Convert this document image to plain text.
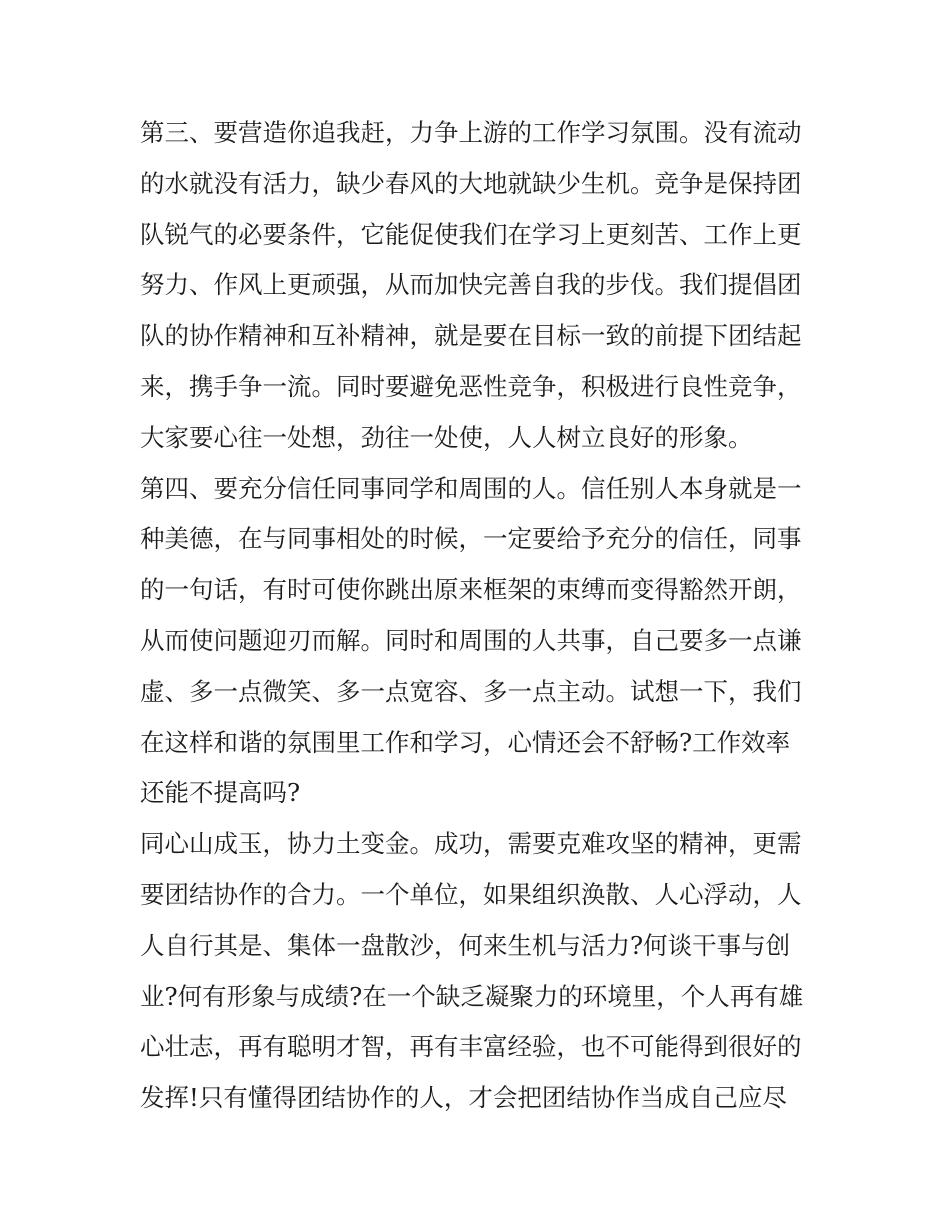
第三、要营造你追我赶，力争上游的工作学习氛围。没有流动
的水就没有活力，缺少春风的大地就缺少生机。竞争是保持团
队锐气的必要条件，它能促使我们在学习上更刻苦、工作上更
努力、作风上更顽强，从而加快完善自我的步伐。我们提倡团
队的协作精神和互补精神，就是要在目标一致的前提下团结起
来，携手争一流。同时要避免恶性竞争，积极进行良性竞争，
大家要心往一处想，劲往一处使，人人树立良好的形象。
第四、要充分信任同事同学和周围的人。信任别人本身就是一
种美德，在与同事相处的时候，一定要给予充分的信任，同事
的一句话，有时可使你跳出原来框架的束缚而变得豁然开朗，
从而使问题迎刃而解。同时和周围的人共事，自己要多一点谦
虚、多一点微笑、多一点宽容、多一点主动。试想一下，我们
在这样和谐的氛围里工作和学习，心情还会不舒畅?工作效率
还能不提高吗?
同心山成玉，协力土变金。成功，需要克难攻坚的精神，更需
要团结协作的合力。一个单位，如果组织涣散、人心浮动，人
人自行其是、集体一盘散沙，何来生机与活力?何谈干事与创
业?何有形象与成绩?在一个缺乏凝聚力的环境里，个人再有雄
心壮志，再有聪明才智，再有丰富经验，也不可能得到很好的
发挥!只有懂得团结协作的人，才会把团结协作当成自己应尽
